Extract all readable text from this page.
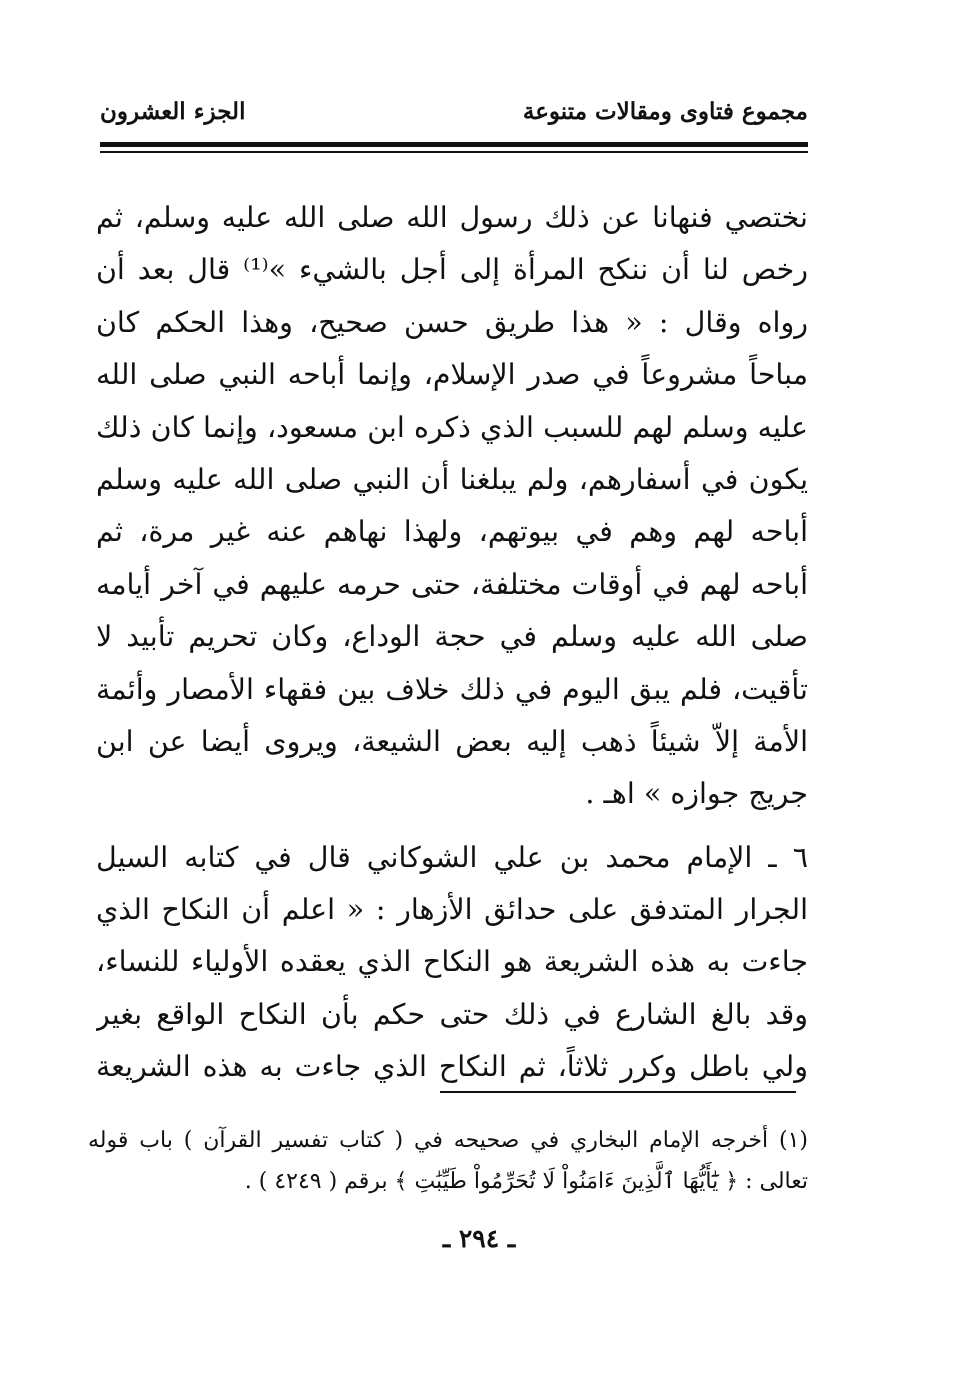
مجموع فتاوى ومقالات متنوعة
الجزء العشرون
نختصي فنهانا عن ذلك رسول الله صلى الله عليه وسلم، ثم
رخص لنا أن ننكح المرأة إلى أجل بالشيء »⁽¹⁾ قال بعد أن
رواه وقال : « هذا طريق حسن صحيح، وهذا الحكم كان
مباحاً مشروعاً في صدر الإسلام، وإنما أباحه النبي صلى الله
عليه وسلم لهم للسبب الذي ذكره ابن مسعود، وإنما كان ذلك
يكون في أسفارهم، ولم يبلغنا أن النبي صلى الله عليه وسلم
أباحه لهم وهم في بيوتهم، ولهذا نهاهم عنه غير مرة، ثم
أباحه لهم في أوقات مختلفة، حتى حرمه عليهم في آخر أيامه
صلى الله عليه وسلم في حجة الوداع، وكان تحريم تأبيد لا
تأقيت، فلم يبق اليوم في ذلك خلاف بين فقهاء الأمصار وأئمة
الأمة إلاّ شيئاً ذهب إليه بعض الشيعة، ويروى أيضا عن ابن
جريج جوازه » اهـ .
٦ ـ الإمام محمد بن علي الشوكاني قال في كتابه السيل
الجرار المتدفق على حدائق الأزهار : « اعلم أن النكاح الذي
جاءت به هذه الشريعة هو النكاح الذي يعقده الأولياء للنساء،
وقد بالغ الشارع في ذلك حتى حكم بأن النكاح الواقع بغير
ولي باطل وكرر ثلاثاً، ثم النكاح الذي جاءت به هذه الشريعة
(١) أخرجه الإمام البخاري في صحيحه في ( كتاب تفسير القرآن ) باب قوله
تعالى : ﴿ يَٰٓأَيُّهَا ٱلَّذِينَ ءَامَنُواْ لَا تُحَرِّمُواْ طَيِّبَٰتِ ﴾ برقم ( ٤٢٤٩ ) .
ـ ٢٩٤ ـ
